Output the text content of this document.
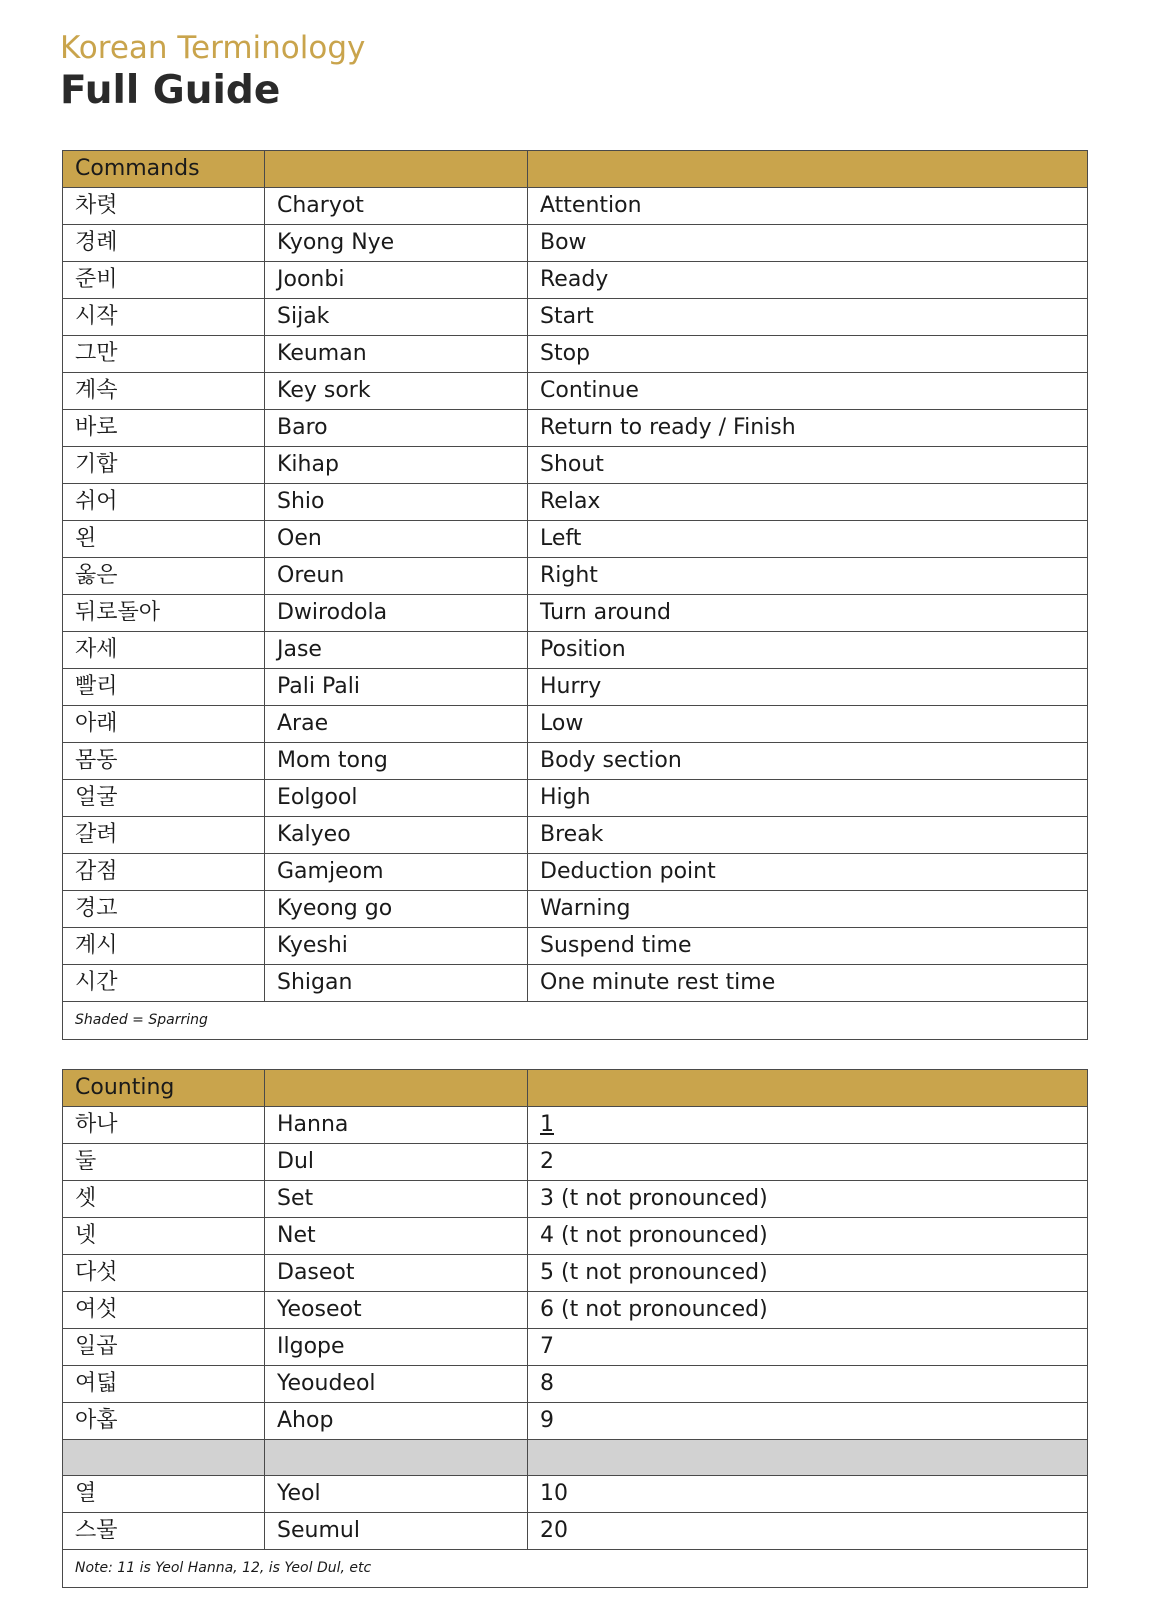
Korean Terminology
Full Guide
Commands		
차렷	Charyot	Attention
경례	Kyong Nye	Bow
준비	Joonbi	Ready
시작	Sijak	Start
그만	Keuman	Stop
계속	Key sork	Continue
바로	Baro	Return to ready / Finish
기합	Kihap	Shout
쉬어	Shio	Relax
왼	Oen	Left
옳은	Oreun	Right
뒤로돌아	Dwirodola	Turn around
자세	Jase	Position
빨리	Pali Pali	Hurry
아래	Arae	Low
몸동	Mom tong	Body section
얼굴	Eolgool	High
갈려	Kalyeo	Break
감점	Gamjeom	Deduction point
경고	Kyeong go	Warning
계시	Kyeshi	Suspend time
시간	Shigan	One minute rest time
Shaded = Sparring		
Counting		
하나	Hanna	1
둘	Dul	2
셋	Set	3 (t not pronounced)
넷	Net	4 (t not pronounced)
다섯	Daseot	5 (t not pronounced)
여섯	Yeoseot	6 (t not pronounced)
일곱	Ilgope	7
여덟	Yeoudeol	8
아홉	Ahop	9

열	Yeol	10
스물	Seumul	20
Note: 11 is Yeol Hanna, 12, is Yeol Dul, etc		
